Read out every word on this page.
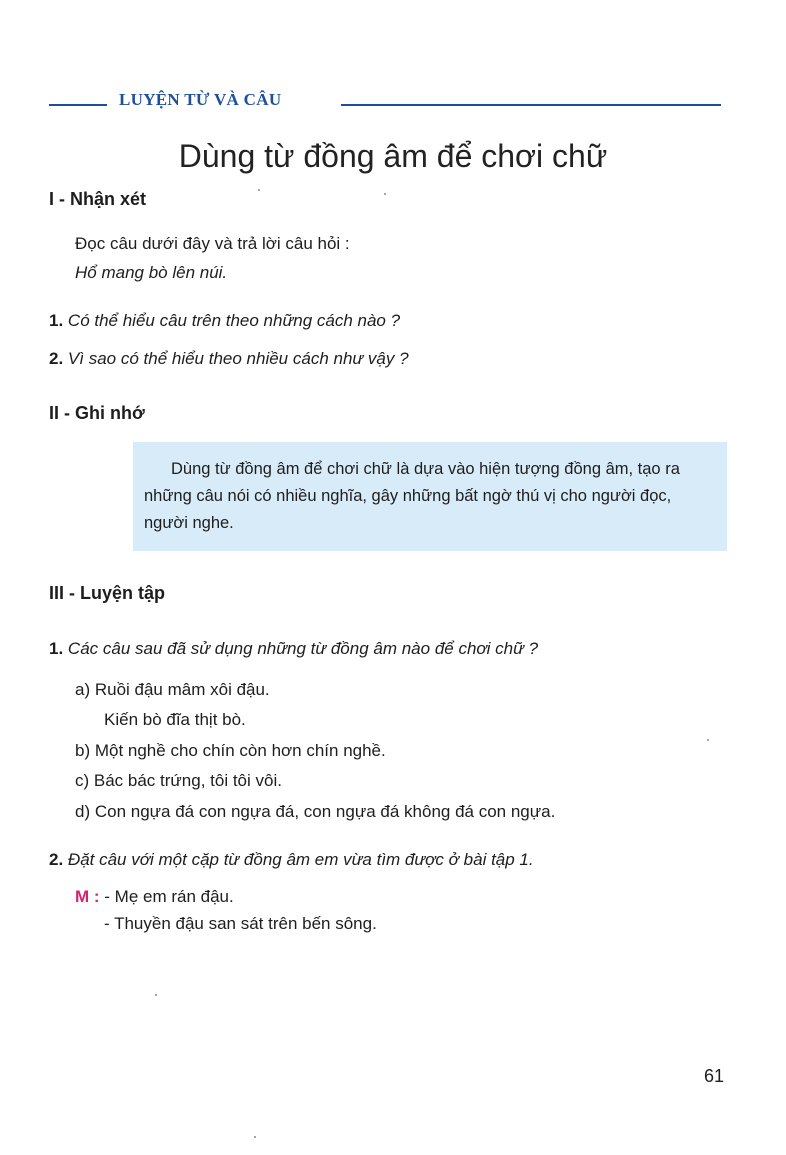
LUYỆN TỪ VÀ CÂU
Dùng từ đồng âm để chơi chữ
I - Nhận xét
Đọc câu dưới đây và trả lời câu hỏi :
Hổ mang bò lên núi.
1. Có thể hiểu câu trên theo những cách nào ?
2. Vì sao có thể hiểu theo nhiều cách như vậy ?
II - Ghi nhớ
Dùng từ đồng âm để chơi chữ là dựa vào hiện tượng đồng âm, tạo ra những câu nói có nhiều nghĩa, gây những bất ngờ thú vị cho người đọc, người nghe.
III - Luyện tập
1. Các câu sau đã sử dụng những từ đồng âm nào để chơi chữ ?
a) Ruồi đậu mâm xôi đậu.
Kiến bò đĩa thịt bò.
b) Một nghề cho chín còn hơn chín nghề.
c) Bác bác trứng, tôi tôi vôi.
d) Con ngựa đá con ngựa đá, con ngựa đá không đá con ngựa.
2. Đặt câu với một cặp từ đồng âm em vừa tìm được ở bài tập 1.
M : - Mẹ em rán đậu.
- Thuyền đậu san sát trên bến sông.
61
